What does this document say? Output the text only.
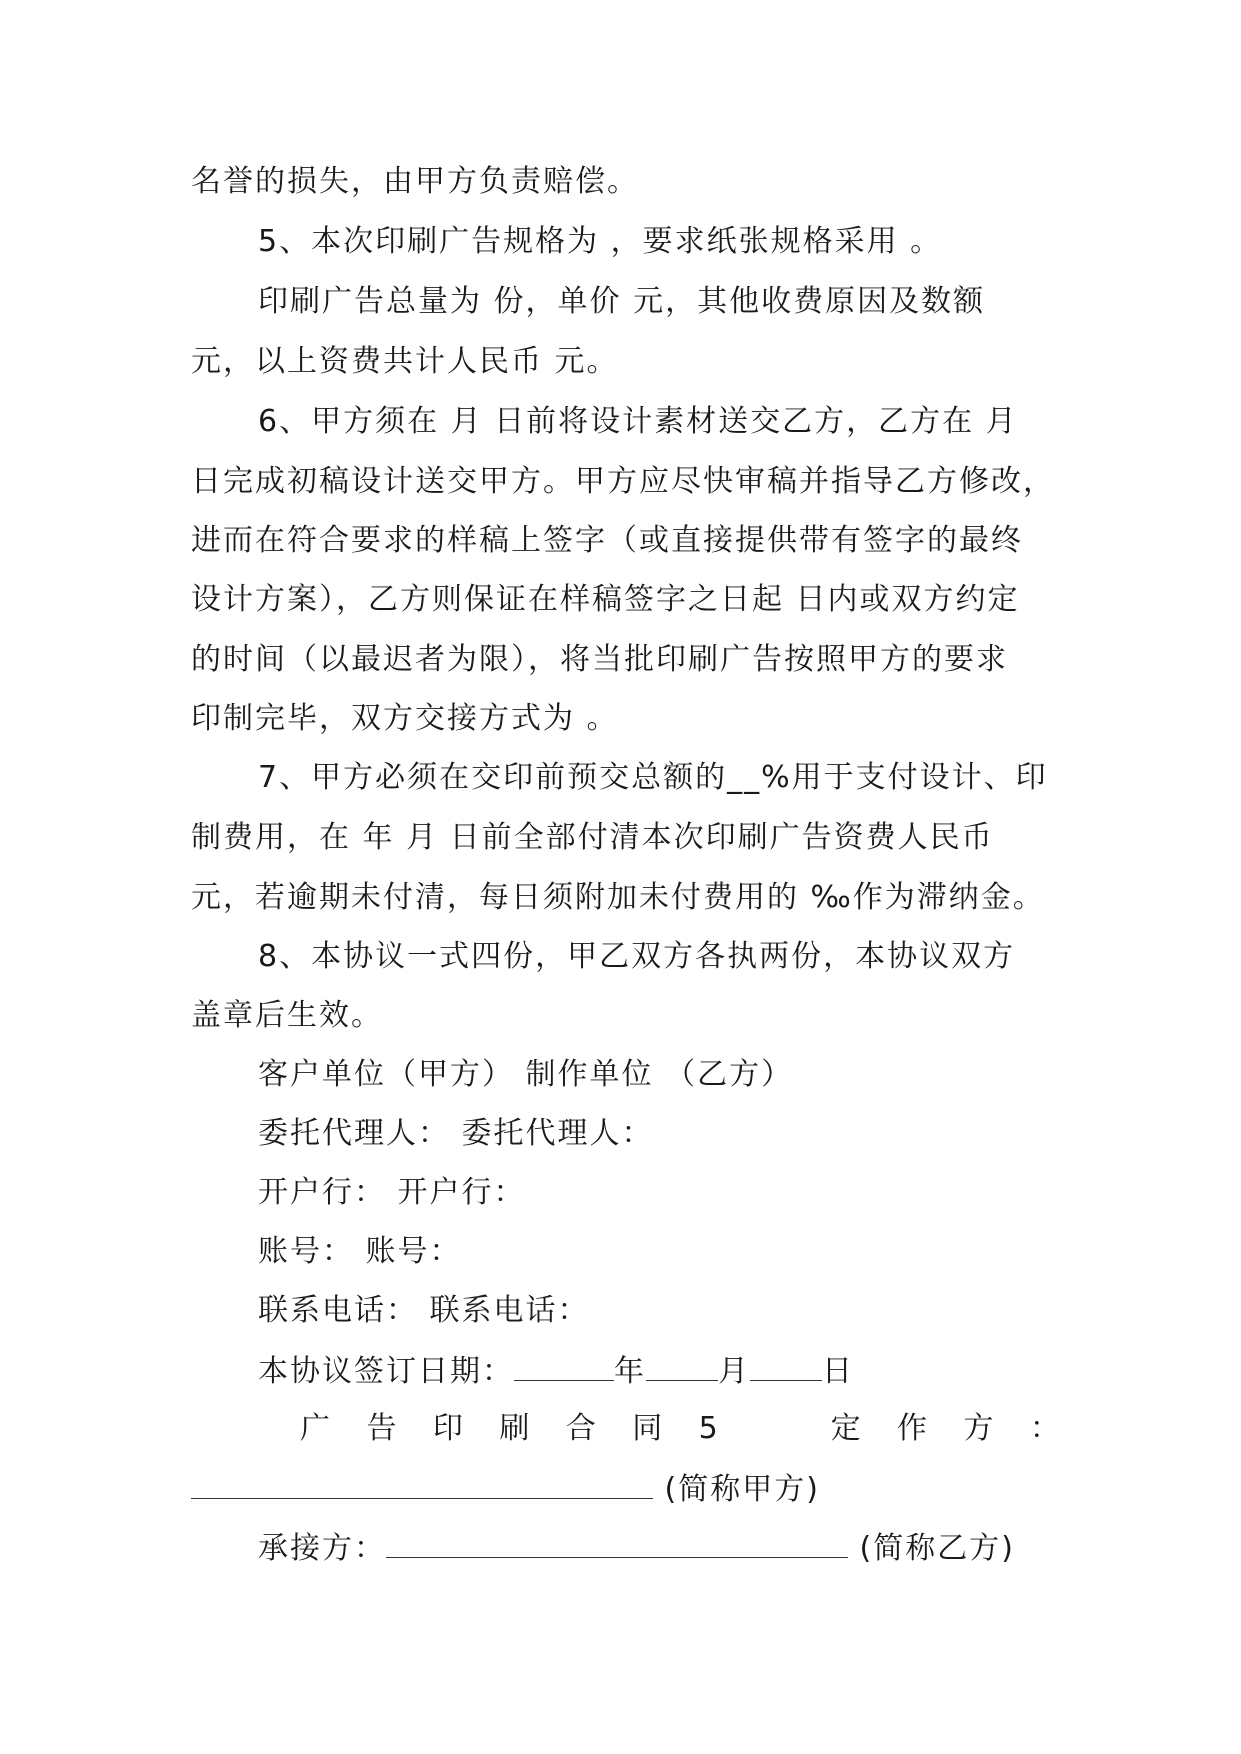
名誉的损失，由甲方负责赔偿。
5、本次印刷广告规格为 ，要求纸张规格采用 。
印刷广告总量为 份，单价 元，其他收费原因及数额
元，以上资费共计人民币 元。
6、甲方须在 月 日前将设计素材送交乙方，乙方在 月
日完成初稿设计送交甲方。甲方应尽快审稿并指导乙方修改，
进而在符合要求的样稿上签字（或直接提供带有签字的最终
设计方案），乙方则保证在样稿签字之日起 日内或双方约定
的时间（以最迟者为限），将当批印刷广告按照甲方的要求
印制完毕，双方交接方式为 。
7、甲方必须在交印前预交总额的__%用于支付设计、印
制费用，在 年 月 日前全部付清本次印刷广告资费人民币
元，若逾期未付清，每日须附加未付费用的 ‰作为滞纳金。
8、本协议一式四份，甲乙双方各执两份，本协议双方
盖章后生效。
客户单位（甲方） 制作单位 （乙方）
委托代理人： 委托代理人：
开户行： 开户行：
账号： 账号：
联系电话： 联系电话：
本协议签订日期：	年 月 日
广 告 印 刷 合 同 5	定 作 方 ：
(简称甲方)
承接方：	(简称乙方)
